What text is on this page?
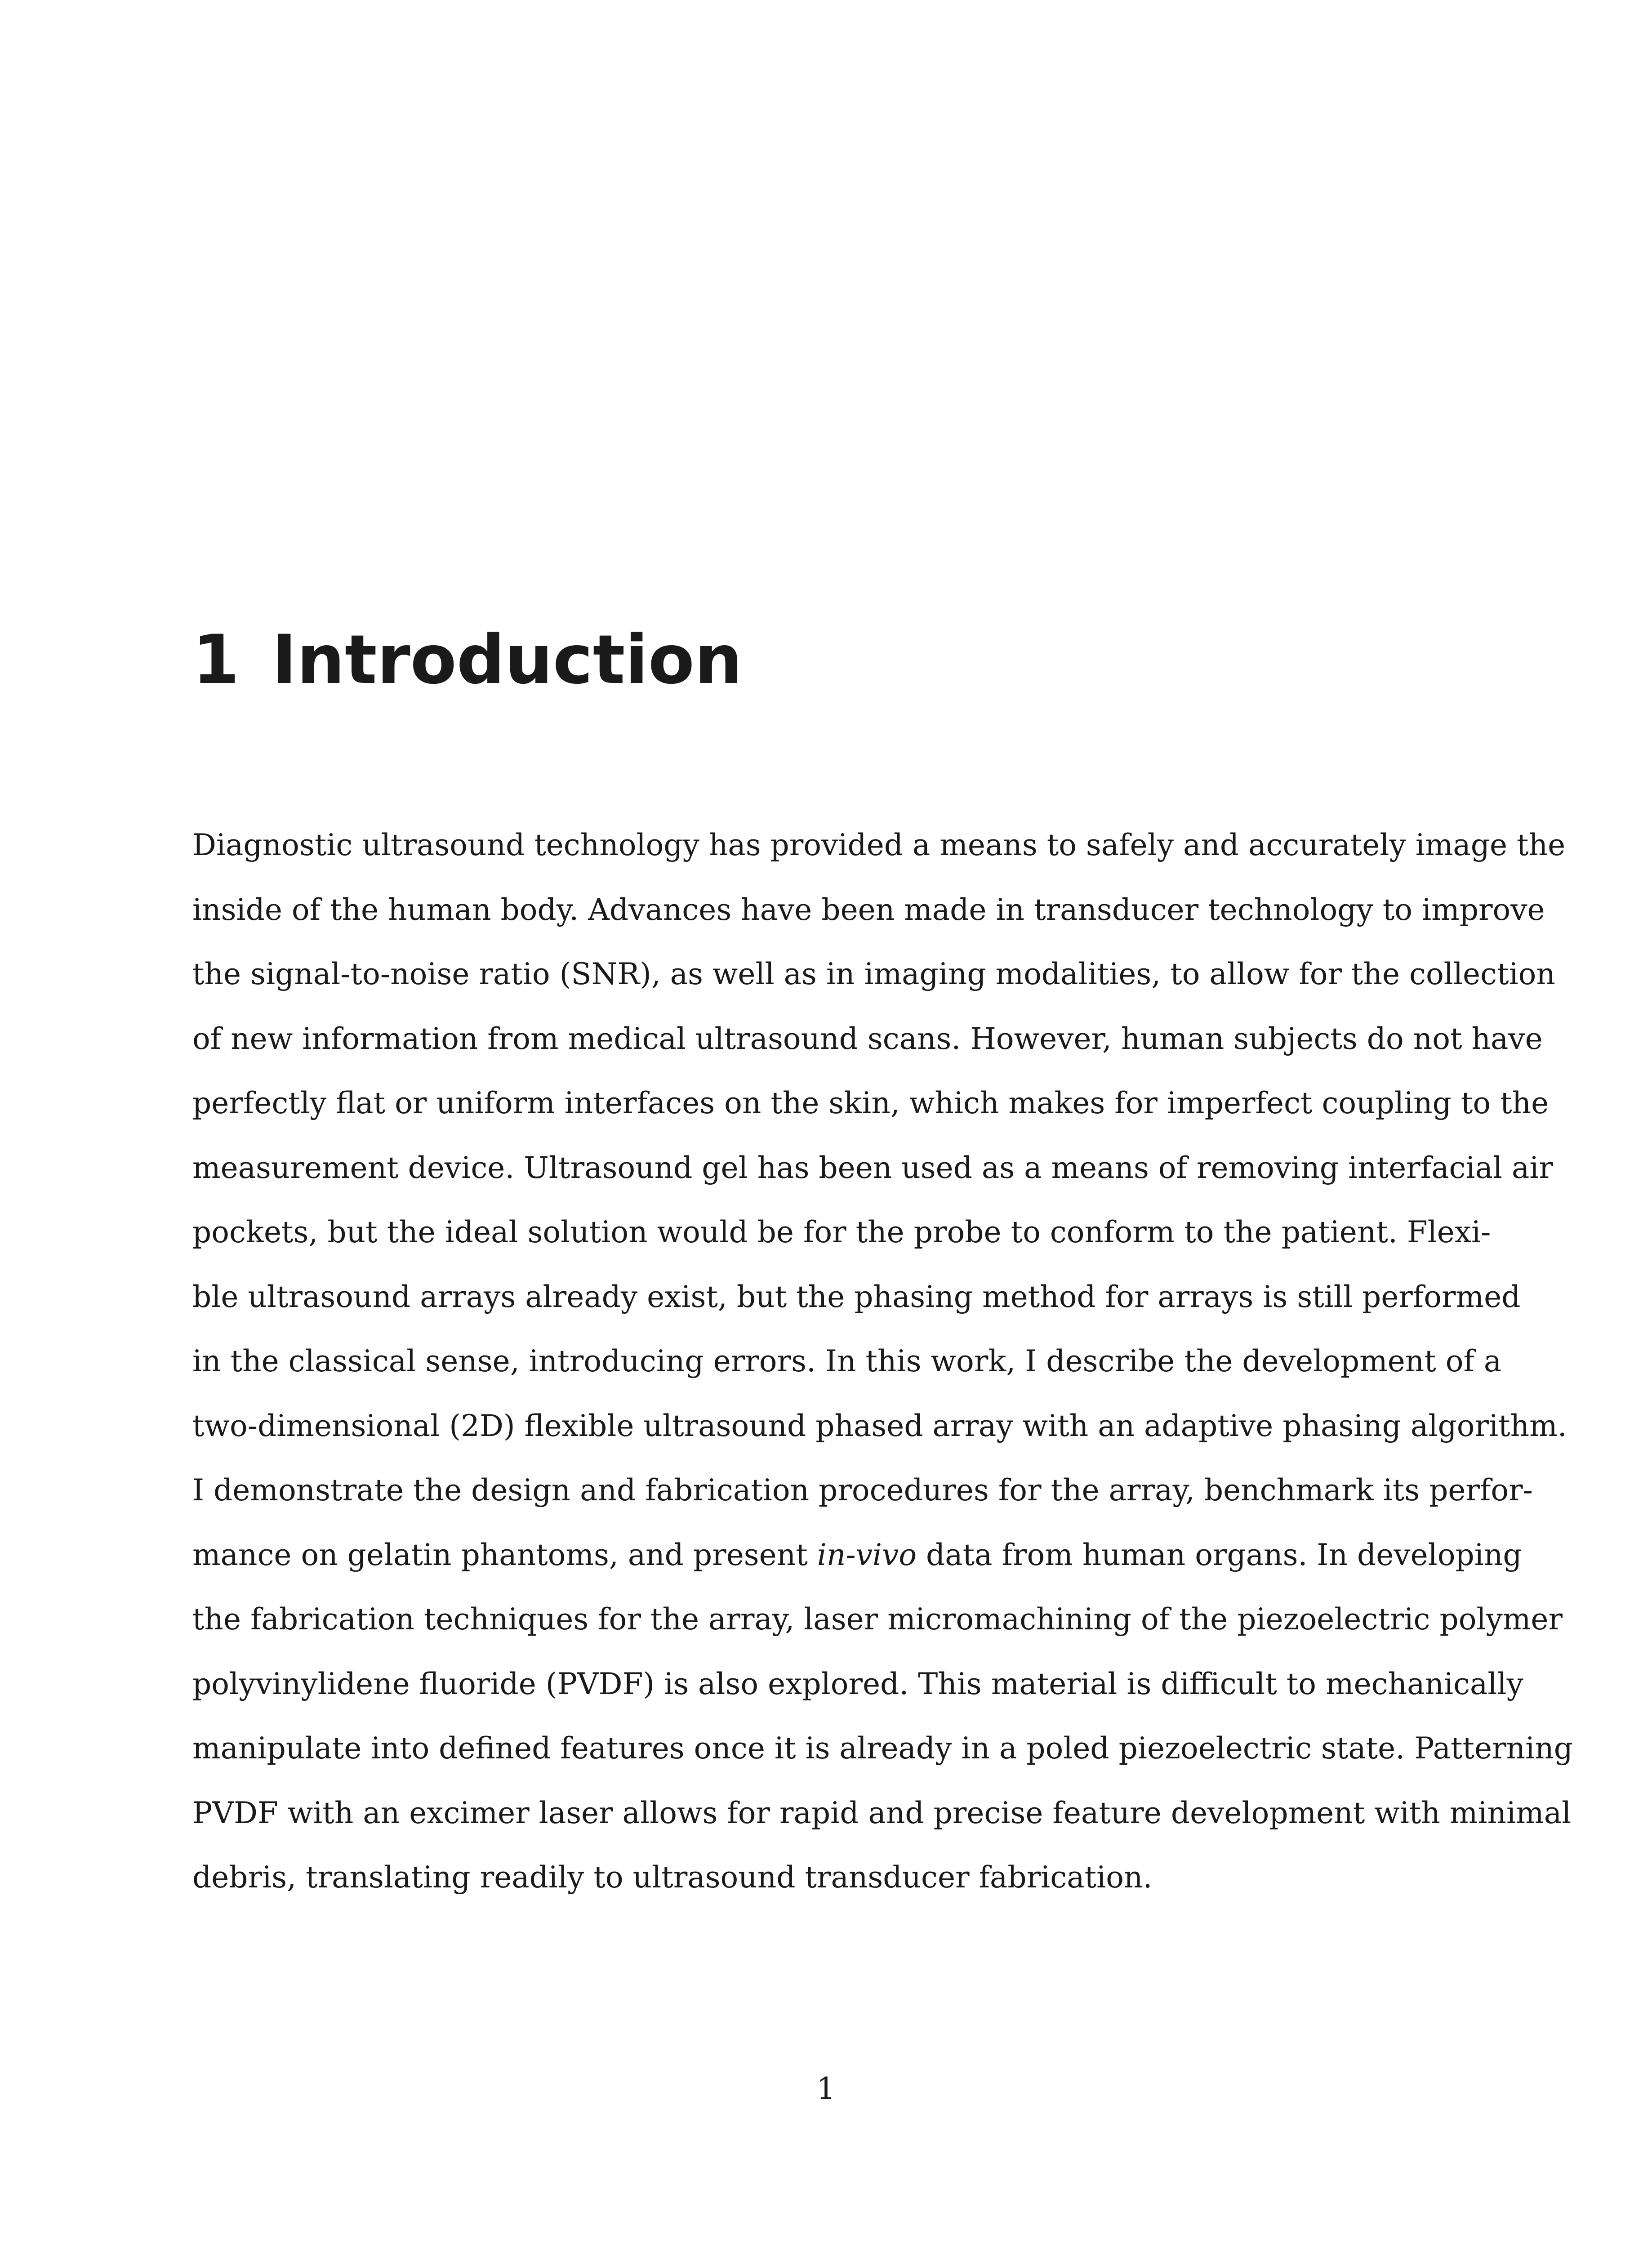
1 Introduction
Diagnostic ultrasound technology has provided a means to safely and accurately image the
inside of the human body. Advances have been made in transducer technology to improve
the signal-to-noise ratio (SNR), as well as in imaging modalities, to allow for the collection
of new information from medical ultrasound scans. However, human subjects do not have
perfectly flat or uniform interfaces on the skin, which makes for imperfect coupling to the
measurement device. Ultrasound gel has been used as a means of removing interfacial air
pockets, but the ideal solution would be for the probe to conform to the patient. Flexi-
ble ultrasound arrays already exist, but the phasing method for arrays is still performed
in the classical sense, introducing errors. In this work, I describe the development of a
two-dimensional (2D) flexible ultrasound phased array with an adaptive phasing algorithm.
I demonstrate the design and fabrication procedures for the array, benchmark its perfor-
mance on gelatin phantoms, and present in-vivo data from human organs. In developing
the fabrication techniques for the array, laser micromachining of the piezoelectric polymer
polyvinylidene fluoride (PVDF) is also explored. This material is difficult to mechanically
manipulate into defined features once it is already in a poled piezoelectric state. Patterning
PVDF with an excimer laser allows for rapid and precise feature development with minimal
debris, translating readily to ultrasound transducer fabrication.
1
